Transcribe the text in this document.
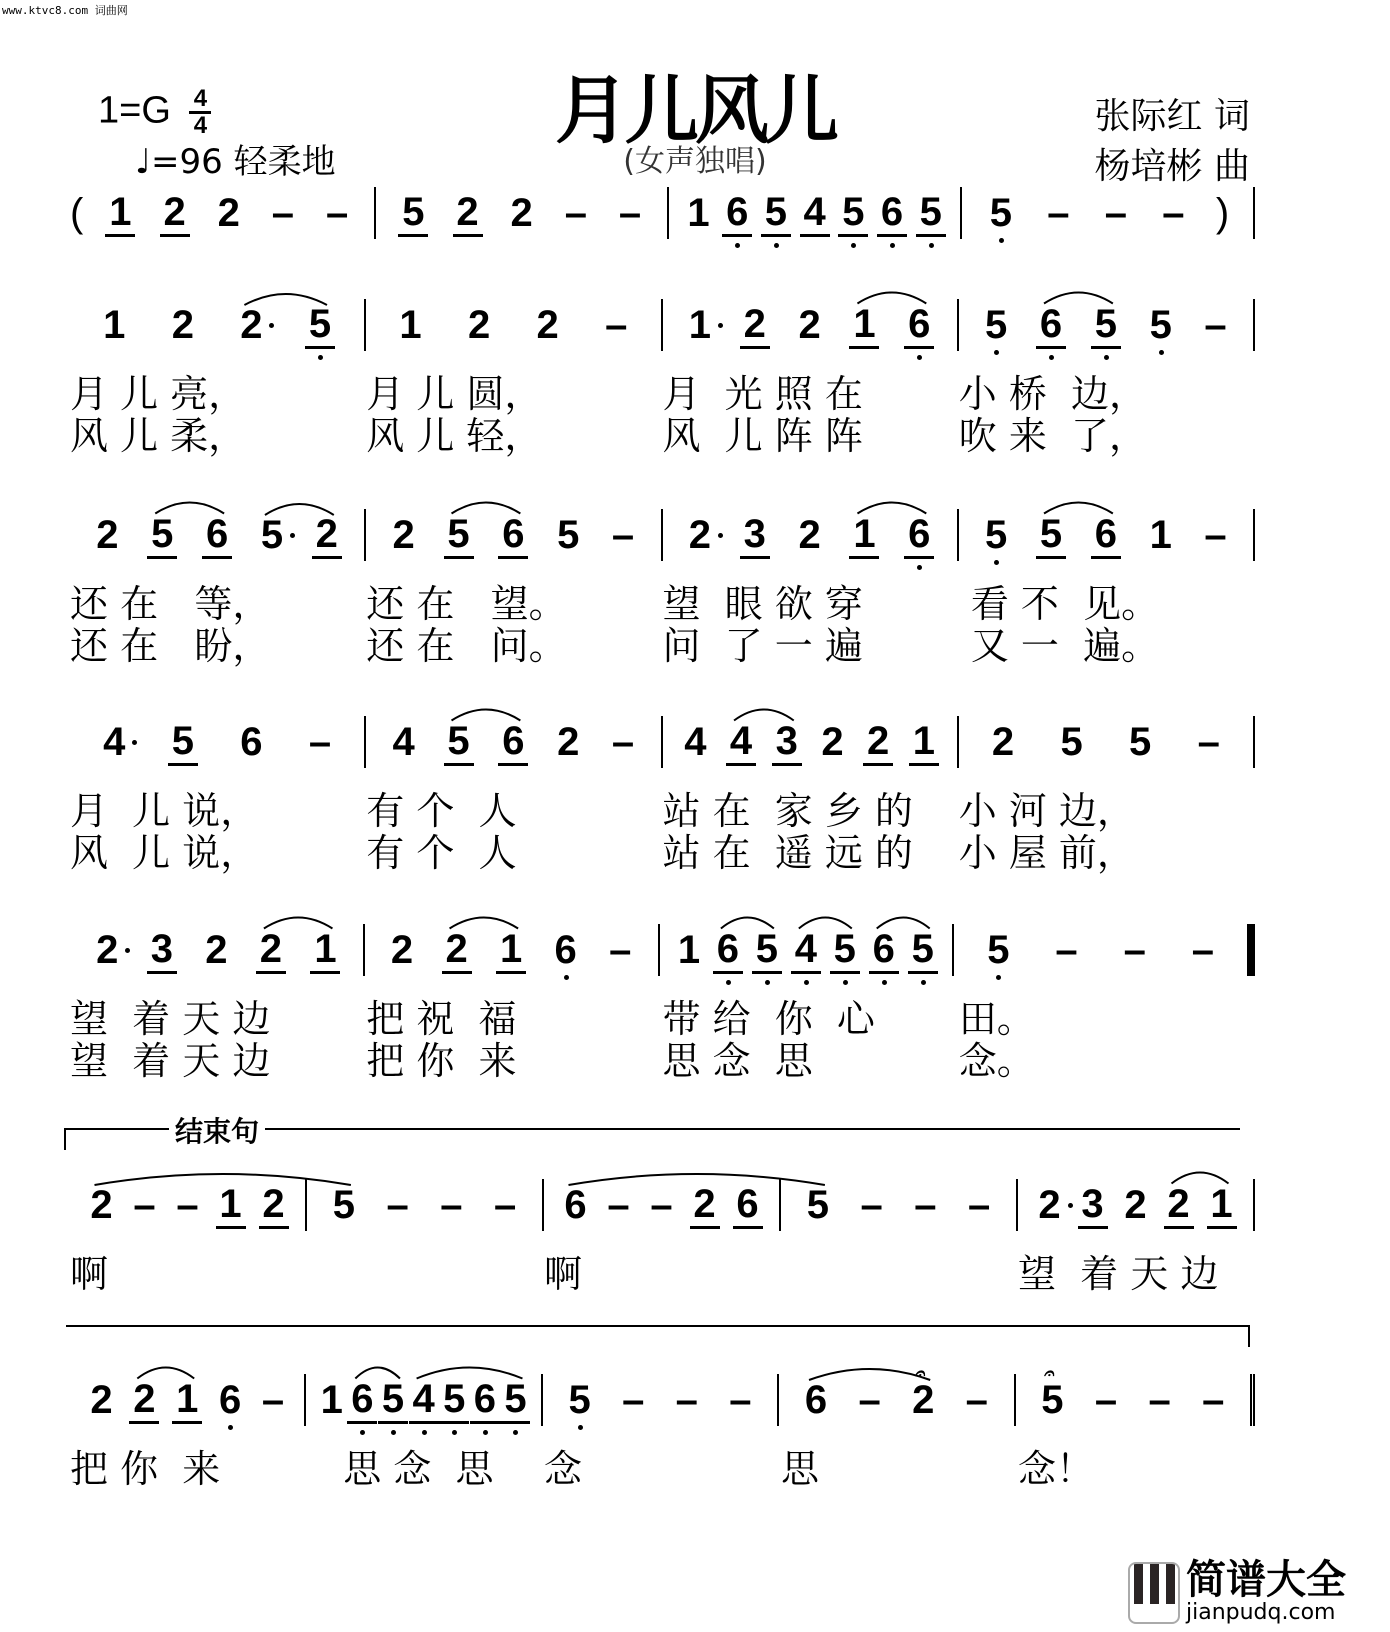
www.ktvc8.com 词曲网
月儿风儿
(女声独唱)
$1=G \frac{4}{4}$
♩=96 轻柔地
张际红 词
杨培彬 曲
( 1 2 2 – – 5 2 2 – – 1 6 5 4 5 6 5 5 – – – )
1 2 2 5 1 2 2 – 1 2 2 1 6 5 6 5 5 –
月 儿 亮，	月 儿 圆，	月  光 照 在	小 桥  边，
风 儿 柔，	风 儿 轻，	风  儿 阵 阵	吹 来  了，
2 5 6 5 2 2 5 6 5 – 2 3 2 1 6 5 5 6 1 –
还 在   等，	还 在   望。	望  眼 欲 穿	看 不  见。
还 在   盼，	还 在   问。	问  了 一 遍	又 一  遍。
4 5 6 – 4 5 6 2 – 4 4 3 2 2 1 2 5 5 –
月  儿 说，	有 个  人	站 在  家 乡 的	小 河 边，
风  儿 说，	有 个  人	站 在  遥 远 的	小 屋 前，
2 3 2 2 1 2 2 1 6 – 1 6 5 4 5 6 5 5 – – –
望  着 天 边	把 祝  福	带 给  你  心	田。
望  着 天 边	把 你  来	思 念  思	念。
2 – – 1 2 5 – – – 6 – – 2 6 5 – – – 2 3 2 2 1
啊	啊	望  着 天 边
2 2 1 6 – 1 6 5 4 5 6 5 5 – – – 6 – 2
𝄐
– 5
𝄐
– – –
把 你  来	思 念  思	念	思	念！
结束句
简谱大全
jianpudq.com
